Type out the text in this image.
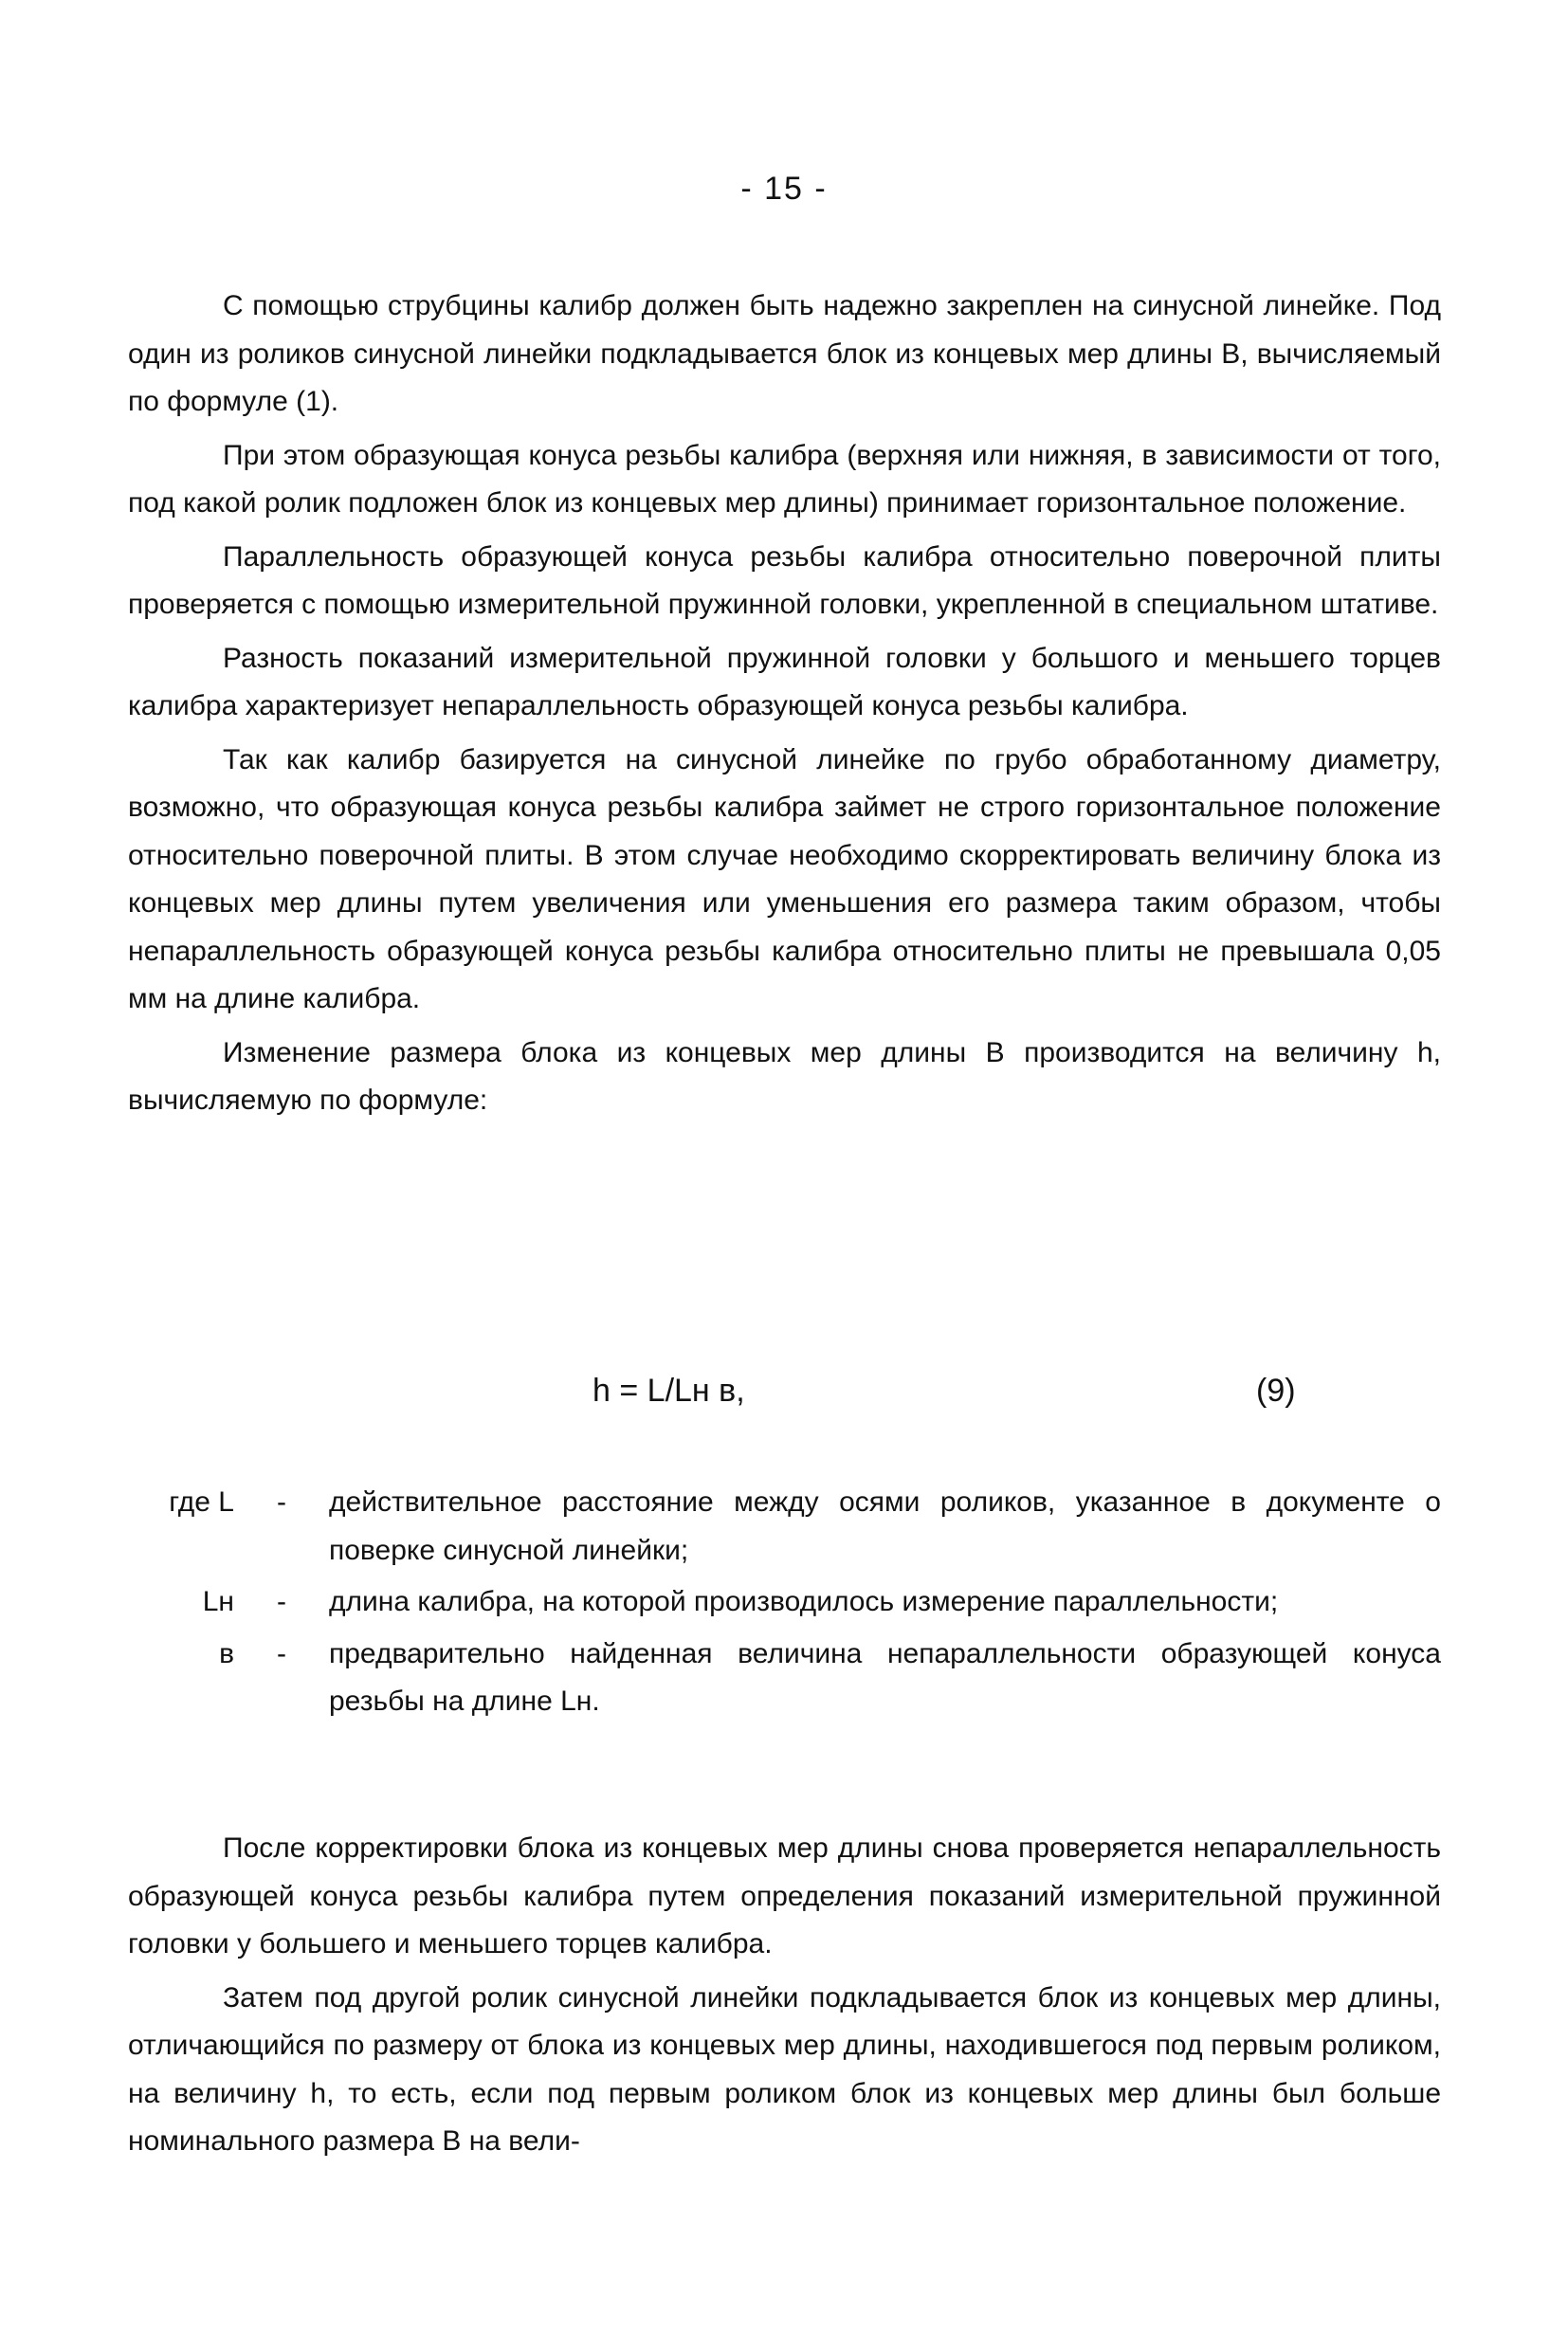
- 15 -

С помощью струбцины калибр должен быть надежно закреплен на синусной линейке. Под один из роликов синусной линейки подкладывается блок из концевых мер длины В, вычисляемый по формуле (1).

При этом образующая конуса резьбы калибра (верхняя или нижняя, в зависимости от того, под какой ролик подложен блок из концевых мер длины) принимает горизонтальное положение.

Параллельность образующей конуса резьбы калибра относительно поверочной плиты проверяется с помощью измерительной пружинной головки, укрепленной в специальном штативе.

Разность показаний измерительной пружинной головки у большого и меньшего торцев калибра характеризует непараллельность образующей конуса резьбы калибра.

Так как калибр базируется на синусной линейке по грубо обработанному диаметру, возможно, что образующая конуса резьбы калибра займет не строго горизонтальное положение относительно поверочной плиты. В этом случае необходимо скорректировать величину блока из концевых мер длины путем увеличения или уменьшения его размера таким образом, чтобы непараллельность образующей конуса резьбы калибра относительно плиты не превышала 0,05 мм на длине калибра.

Изменение размера блока из концевых мер длины В производится на величину h, вычисляемую по формуле:

h = L/Lн в,	(9)
где L	-	действительное расстояние между осями роликов, указанное в документе о поверке синусной линейки;
Lн	-	длина калибра, на которой производилось измерение параллельности;
в	-	предварительно найденная величина непараллельности образующей конуса резьбы на длине Lн.

После корректировки блока из концевых мер длины снова проверяется непараллельность образующей конуса резьбы калибра путем определения показаний измерительной пружинной головки у большего и меньшего торцев калибра.

Затем под другой ролик синусной линейки подкладывается блок из концевых мер длины, отличающийся по размеру от блока из концевых мер длины, находившегося под первым роликом, на величину h, то есть, если под первым роликом блок из концевых мер длины был больше номинального размера В на вели-
